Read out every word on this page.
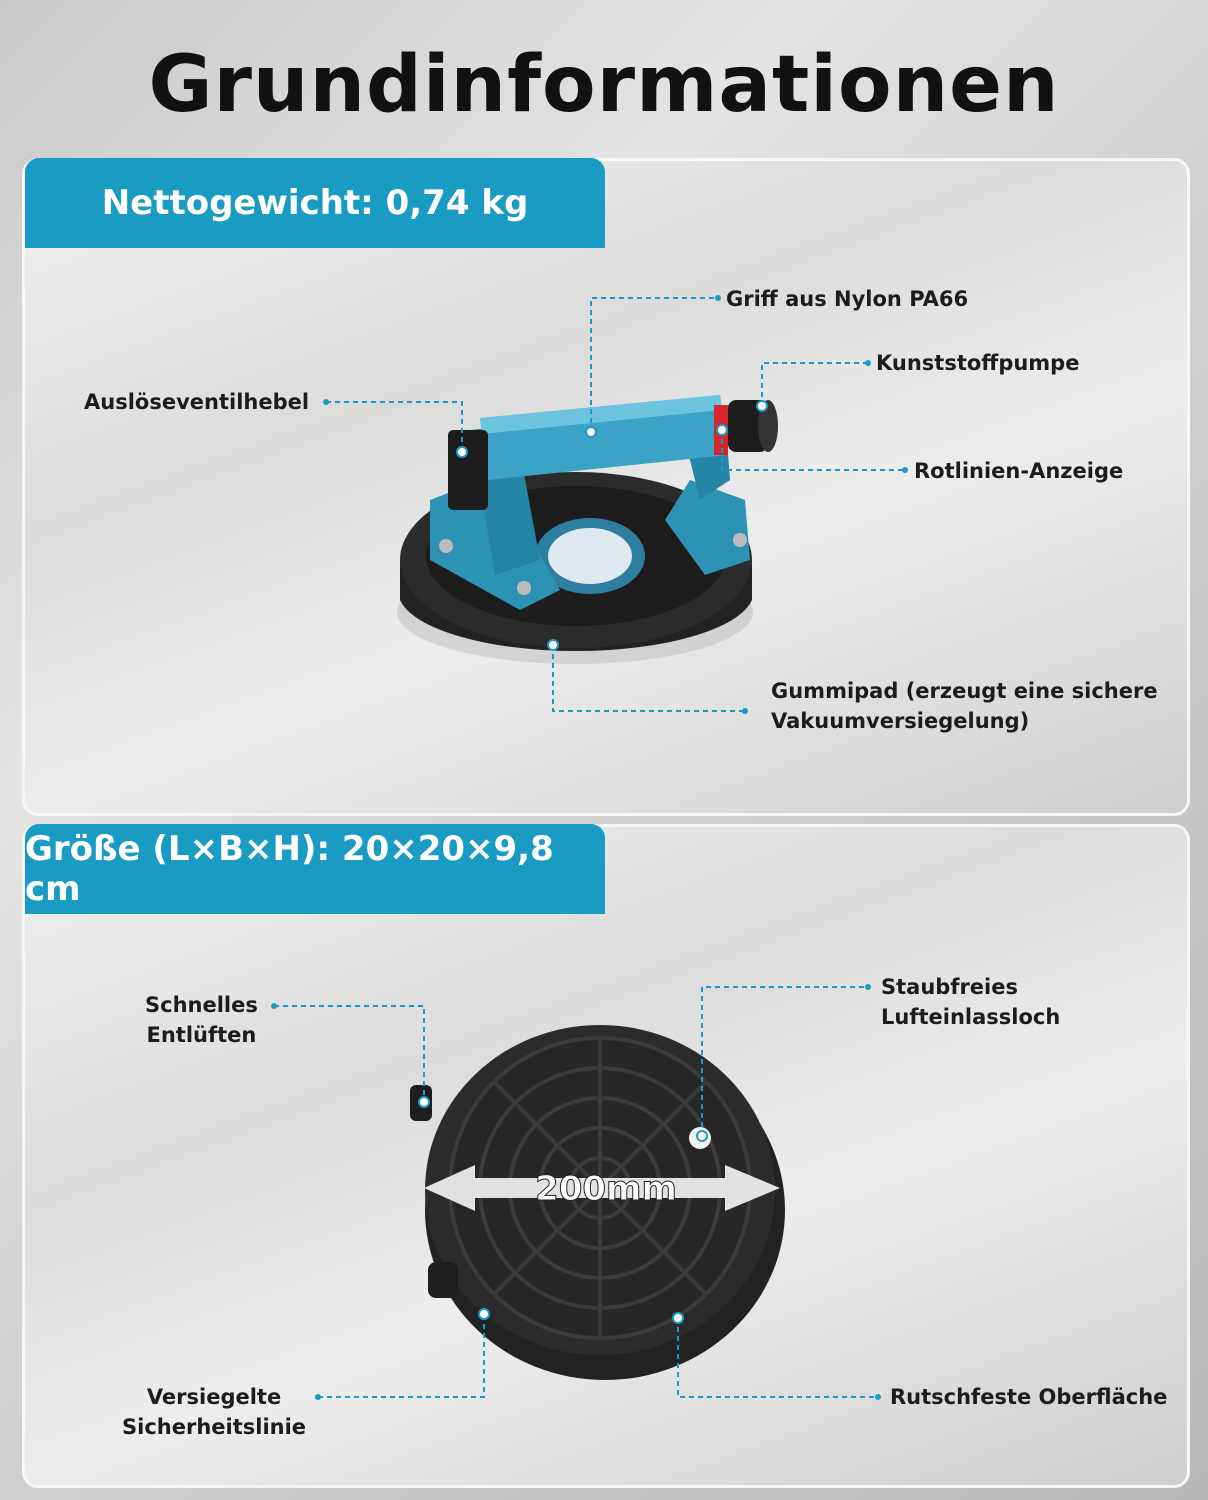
Grundinformationen
Nettogewicht: 0,74 kg
Größe (L×B×H): 20×20×9,8 cm
200mm
Griff aus Nylon PA66
Kunststoffpumpe
Auslöseventilhebel
Rotlinien-Anzeige
Gummipad (erzeugt eine sichere
Vakuumversiegelung)
Schnelles
Entlüften
Staubfreies
Lufteinlassloch
Versiegelte
Sicherheitslinie
Rutschfeste Oberfläche
